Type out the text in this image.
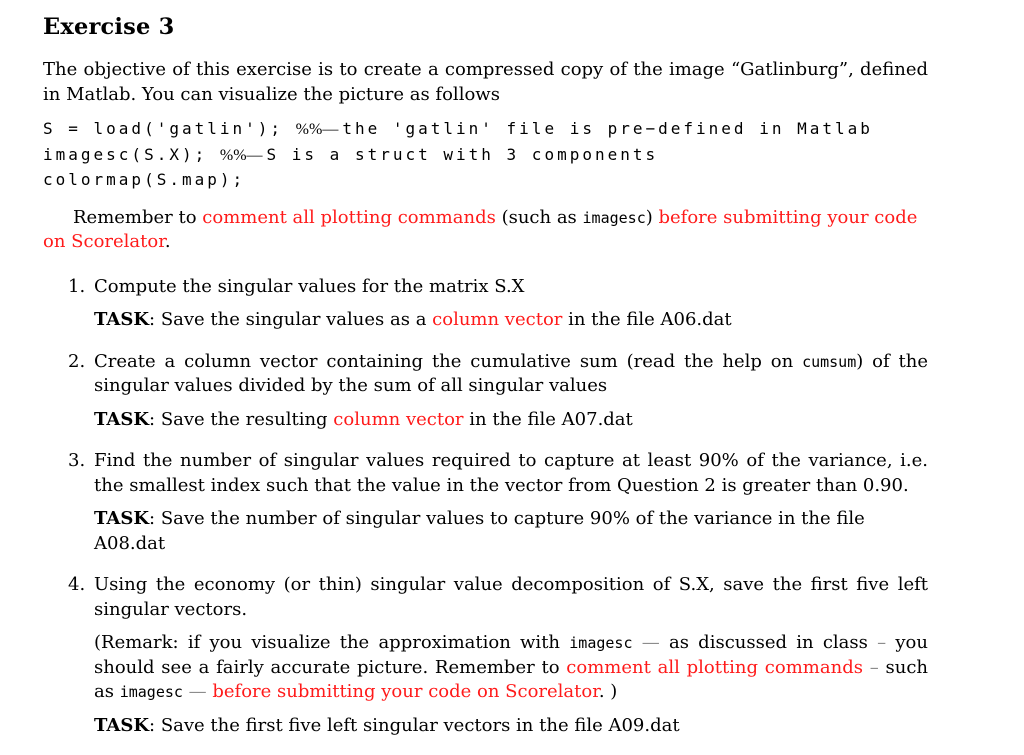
Exercise 3

The objective of this exercise is to create a compressed copy of the image “Gatlinburg”, defined in Matlab. You can visualize the picture as follows

S = load('gatlin'); %%— the 'gatlin' file is pre−defined in Matlab
imagesc(S.X); %%— S is a struct with 3 components
colormap(S.map);

Remember to comment all plotting commands (such as imagesc) before submitting your code on Scorelator.

1. Compute the singular values for the matrix S.X

TASK: Save the singular values as a column vector in the file A06.dat

2. Create a column vector containing the cumulative sum (read the help on cumsum) of the singular values divided by the sum of all singular values

TASK: Save the resulting column vector in the file A07.dat

3. Find the number of singular values required to capture at least 90% of the variance, i.e. the smallest index such that the value in the vector from Question 2 is greater than 0.90.

TASK: Save the number of singular values to capture 90% of the variance in the file A08.dat

4. Using the economy (or thin) singular value decomposition of S.X, save the first five left singular vectors.

(Remark: if you visualize the approximation with imagesc — as discussed in class – you should see a fairly accurate picture. Remember to comment all plotting commands – such as imagesc — before submitting your code on Scorelator. )

TASK: Save the first five left singular vectors in the file A09.dat
